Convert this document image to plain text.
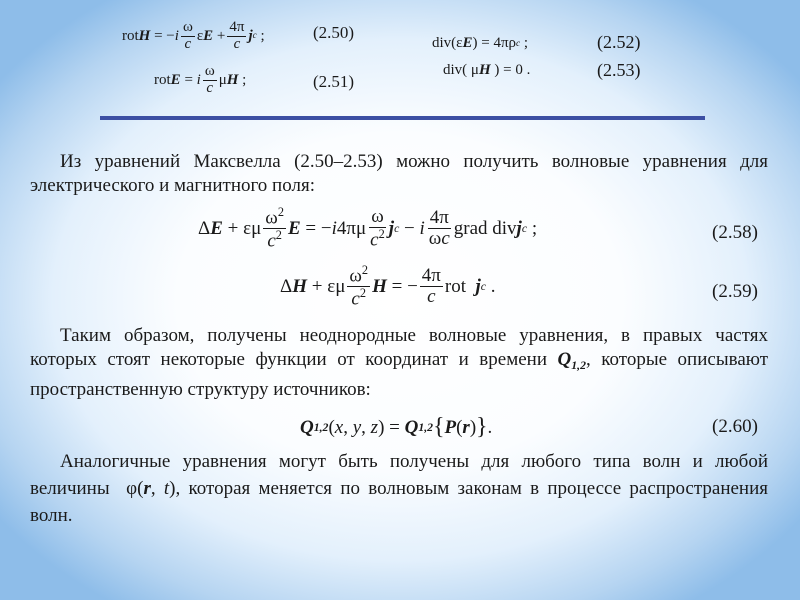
rot H = − i $\frac{\omega}{c}$ ε $E + \frac{4\pi}{c}$ j c ;	(2.50)
rot E = i $\frac{\omega}{c}$ μ H ;	(2.51)
div(ε E ) = 4πρ c ;	(2.52)
div( μ H ) = 0 .	(2.53)

Из уравнений Максвелла (2.50–2.53) можно получить волновые уравнения для электрического и магнитного поля:

Δ E + εμ $\frac{\omega^2}{c^2}$ E = − i $4\pi\mu \frac{\omega}{c^2}$ j c − i $\frac{4\pi}{\omega c}$ grad div j c ;	(2.58)
Δ H + εμ $\frac{\omega^2}{c^2}$ H = − $\frac{4\pi}{c}$ rot j c .	(2.59)

Таким образом, получены неоднородные волновые уравнения, в правых частях которых стоят некоторые функции от координат и времени $Q_{1,2}$, которые описывают пространственную структуру источников:

Q 1,2 ( x , y , z ) = Q 1,2 { P ( r ) } .	(2.60)

Аналогичные уравнения могут быть получены для любого типа волн и любой величины φ(r, t), которая меняется по волновым законам в процессе распространения волн.
